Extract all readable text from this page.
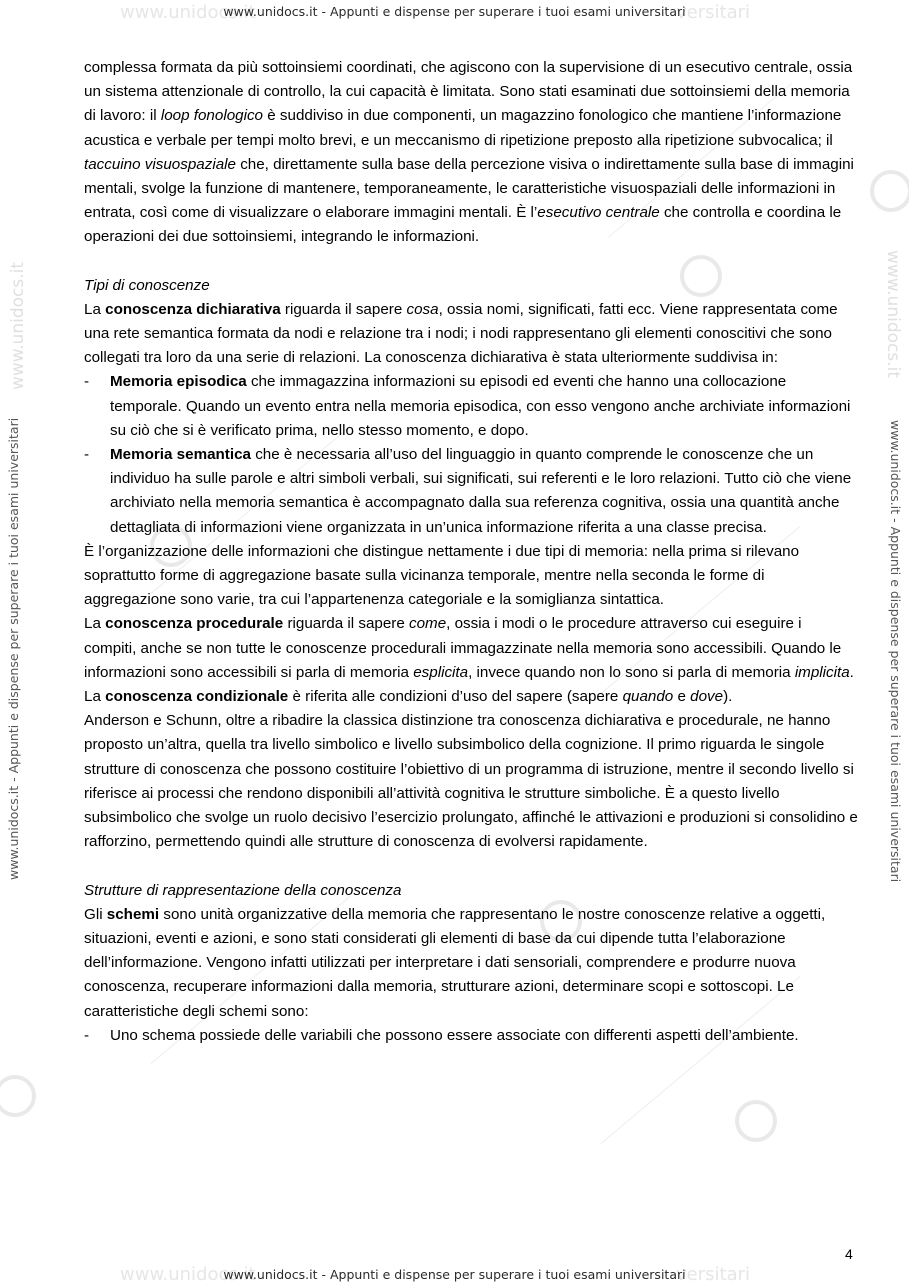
www.unidocs.it	versitari
www.unidocs.it	versitari
www.unidocs.it - Appunti e dispense per superare i tuoi esami universitari
www.unidocs.it - Appunti e dispense per superare i tuoi esami universitari
www.unidocs.it - Appunti e dispense per superare i tuoi esami universitari	www.unidocs.it - Appunti e dispense per superare i tuoi esami universitari
www.unidocs.it	www.unidocs.it

complessa formata da più sottoinsiemi coordinati, che agiscono con la supervisione di un esecutivo centrale, ossia un sistema attenzionale di controllo, la cui capacità è limitata. Sono stati esaminati due sottoinsiemi della memoria di lavoro: il loop fonologico è suddiviso in due componenti, un magazzino fonologico che mantiene l’informazione acustica e verbale per tempi molto brevi, e un meccanismo di ripetizione preposto alla ripetizione subvocalica; il taccuino visuospaziale che, direttamente sulla base della percezione visiva o indirettamente sulla base di immagini mentali, svolge la funzione di mantenere, temporaneamente, le caratteristiche visuospaziali delle informazioni in entrata, così come di visualizzare o elaborare immagini mentali. È l’esecutivo centrale che controlla e coordina le operazioni dei due sottoinsiemi, integrando le informazioni.

Tipi di conoscenze

La conoscenza dichiarativa riguarda il sapere cosa, ossia nomi, significati, fatti ecc. Viene rappresentata come una rete semantica formata da nodi e relazione tra i nodi; i nodi rappresentano gli elementi conoscitivi che sono collegati tra loro da una serie di relazioni. La conoscenza dichiarativa è stata ulteriormente suddivisa in:

- Memoria episodica che immagazzina informazioni su episodi ed eventi che hanno una collocazione temporale. Quando un evento entra nella memoria episodica, con esso vengono anche archiviate informazioni su ciò che si è verificato prima, nello stesso momento, e dopo.
- Memoria semantica che è necessaria all’uso del linguaggio in quanto comprende le conoscenze che un individuo ha sulle parole e altri simboli verbali, sui significati, sui referenti e le loro relazioni. Tutto ciò che viene archiviato nella memoria semantica è accompagnato dalla sua referenza cognitiva, ossia una quantità anche dettagliata di informazioni viene organizzata in un’unica informazione riferita a una classe precisa.

È l’organizzazione delle informazioni che distingue nettamente i due tipi di memoria: nella prima si rilevano soprattutto forme di aggregazione basate sulla vicinanza temporale, mentre nella seconda le forme di aggregazione sono varie, tra cui l’appartenenza categoriale e la somiglianza sintattica.

La conoscenza procedurale riguarda il sapere come, ossia i modi o le procedure attraverso cui eseguire i compiti, anche se non tutte le conoscenze procedurali immagazzinate nella memoria sono accessibili. Quando le informazioni sono accessibili si parla di memoria esplicita, invece quando non lo sono si parla di memoria implicita.

La conoscenza condizionale è riferita alle condizioni d’uso del sapere (sapere quando e dove).

Anderson e Schunn, oltre a ribadire la classica distinzione tra conoscenza dichiarativa e procedurale, ne hanno proposto un’altra, quella tra livello simbolico e livello subsimbolico della cognizione. Il primo riguarda le singole strutture di conoscenza che possono costituire l’obiettivo di un programma di istruzione, mentre il secondo livello si riferisce ai processi che rendono disponibili all’attività cognitiva le strutture simboliche. È a questo livello subsimbolico che svolge un ruolo decisivo l’esercizio prolungato, affinché le attivazioni e produzioni si consolidino e rafforzino, permettendo quindi alle strutture di conoscenza di evolversi rapidamente.

Strutture di rappresentazione della conoscenza

Gli schemi sono unità organizzative della memoria che rappresentano le nostre conoscenze relative a oggetti, situazioni, eventi e azioni, e sono stati considerati gli elementi di base da cui dipende tutta l’elaborazione dell’informazione. Vengono infatti utilizzati per interpretare i dati sensoriali, comprendere e produrre nuova conoscenza, recuperare informazioni dalla memoria, strutturare azioni, determinare scopi e sottoscopi. Le caratteristiche degli schemi sono:

- Uno schema possiede delle variabili che possono essere associate con differenti aspetti dell’ambiente.
4
